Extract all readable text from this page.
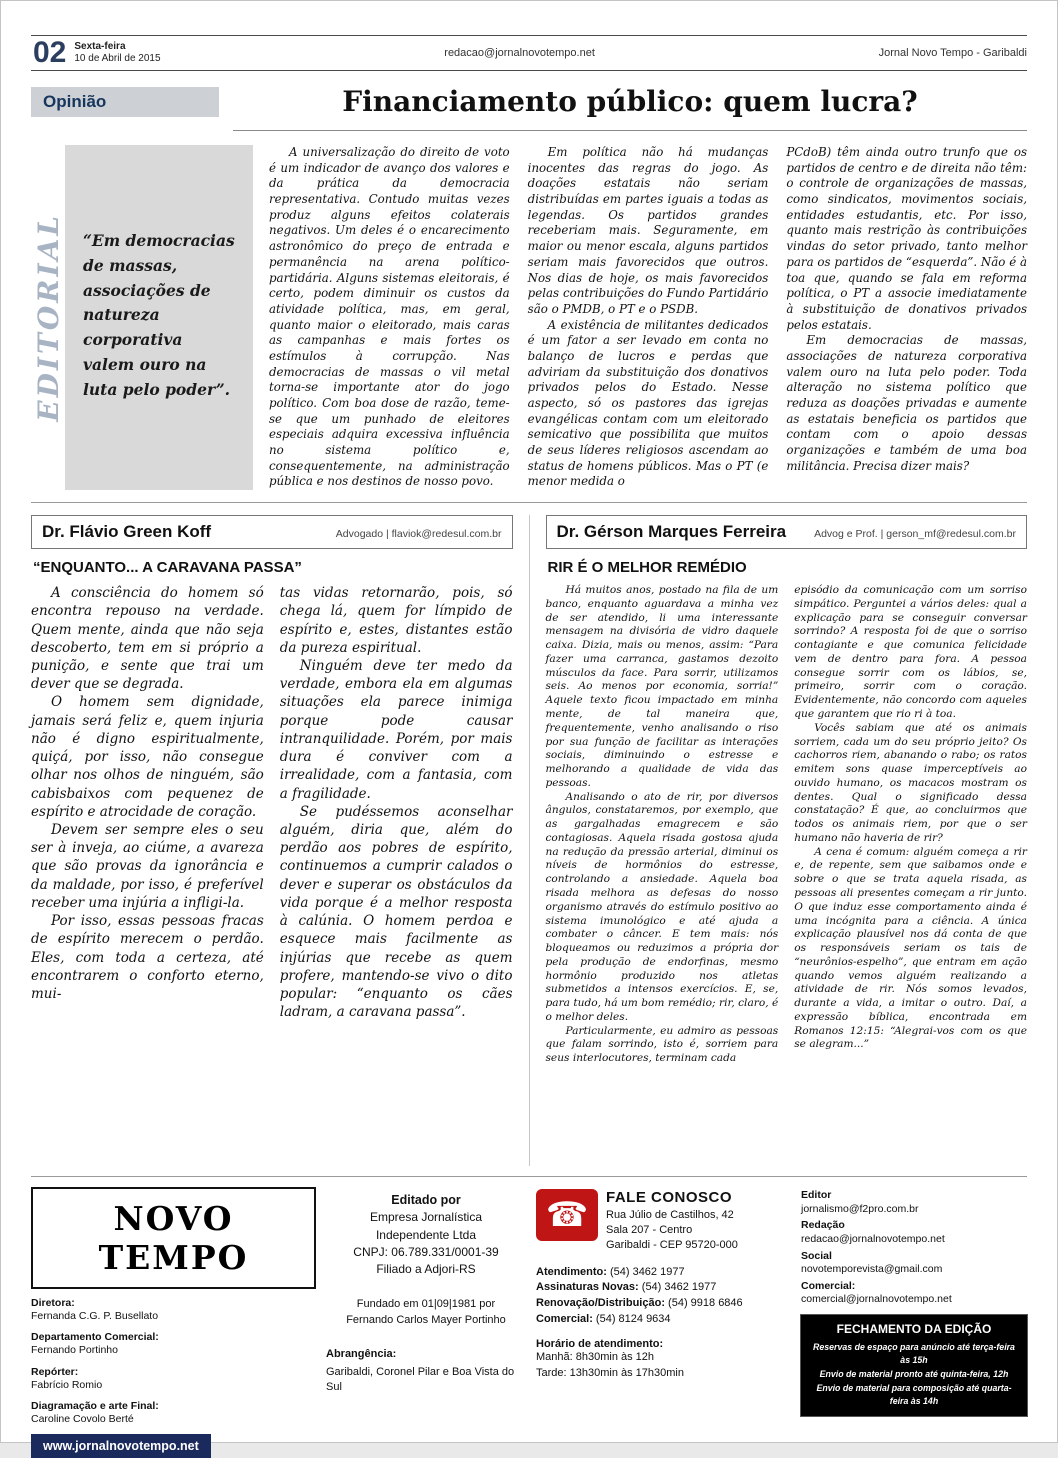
02 Sexta-feira
10 de Abril de 2015	redacao@jornalnovotempo.net	Jornal Novo Tempo - Garibaldi
Opinião	Financiamento público: quem lucra?
EDITORIAL “Em democracias de massas, associações de natureza corporativa valem ouro na luta pelo poder”.

A universalização do direito de voto é um indicador de avanço dos valores e da prática da democracia representativa. Contudo muitas vezes produz alguns efeitos colaterais negativos. Um deles é o encarecimento astronômico do preço de entrada e permanência na arena político-partidária. Alguns sistemas eleitorais, é certo, podem diminuir os custos da atividade política, mas, em geral, quanto maior o eleitorado, mais caras as campanhas e mais fortes os estímulos à corrupção. Nas democracias de massas o vil metal torna-se importante ator do jogo político. Com boa dose de razão, teme-se que um punhado de eleitores especiais adquira excessiva influência no sistema político e, consequentemente, na administração pública e nos destinos de nosso povo.

Em política não há mudanças inocentes das regras do jogo. As doações estatais não seriam distribuídas em partes iguais a todas as legendas. Os partidos grandes receberiam mais. Seguramente, em maior ou menor escala, alguns partidos seriam mais favorecidos que outros. Nos dias de hoje, os mais favorecidos pelas contribuições do Fundo Partidário são o PMDB, o PT e o PSDB.

A existência de militantes dedicados é um fator a ser levado em conta no balanço de lucros e perdas que adviriam da substituição dos donativos privados pelos do Estado. Nesse aspecto, só os pastores das igrejas evangélicas contam com um eleitorado semicativo que possibilita que muitos de seus líderes religiosos ascendam ao status de homens públicos. Mas o PT (e menor medida o

PCdoB) têm ainda outro trunfo que os partidos de centro e de direita não têm: o controle de organizações de massas, como sindicatos, movimentos sociais, entidades estudantis, etc. Por isso, quanto mais restrição às contribuições vindas do setor privado, tanto melhor para os partidos de “esquerda”. Não é à toa que, quando se fala em reforma política, o PT a associe imediatamente à substituição de donativos privados pelos estatais.

Em democracias de massas, associações de natureza corporativa valem ouro na luta pelo poder. Toda alteração no sistema político que reduza as doações privadas e aumente as estatais beneficia os partidos que contam com o apoio dessas organizações e também de uma boa militância. Precisa dizer mais?

Dr. Flávio Green Koff	Advogado | flaviok@redesul.com.br
“ENQUANTO... A CARAVANA PASSA”

A consciência do homem só encontra repouso na verdade. Quem mente, ainda que não seja descoberto, tem em si próprio a punição, e sente que trai um dever que se degrada.

O homem sem dignidade, jamais será feliz e, quem injuria não é digno espiritualmente, quiçá, por isso, não consegue olhar nos olhos de ninguém, são cabisbaixos com pequenez de espírito e atrocidade de coração.

Devem ser sempre eles o seu ser à inveja, ao ciúme, a avareza que são provas da ignorância e da maldade, por isso, é preferível receber uma injúria a infligi-la.

Por isso, essas pessoas fracas de espírito merecem o perdão. Eles, com toda a certeza, até encontrarem o conforto eterno, mui-

tas vidas retornarão, pois, só chega lá, quem for límpido de espírito e, estes, distantes estão da pureza espiritual.

Ninguém deve ter medo da verdade, embora ela em algumas situações ela parece inimiga porque pode causar intranquilidade. Porém, por mais dura é conviver com a irrealidade, com a fantasia, com a fragilidade.

Se pudéssemos aconselhar alguém, diria que, além do perdão aos pobres de espírito, continuemos a cumprir calados o dever e superar os obstáculos da vida porque é a melhor resposta à calúnia. O homem perdoa e esquece mais facilmente as injúrias que recebe as quem profere, mantendo-se vivo o dito popular: “enquanto os cães ladram, a caravana passa”.

Dr. Gérson Marques Ferreira	Advog e Prof. | gerson_mf@redesul.com.br
RIR É O MELHOR REMÉDIO

Há muitos anos, postado na fila de um banco, enquanto aguardava a minha vez de ser atendido, li uma interessante mensagem na divisória de vidro daquele caixa. Dizia, mais ou menos, assim: “Para fazer uma carranca, gastamos dezoito músculos da face. Para sorrir, utilizamos seis. Ao menos por economia, sorria!” Aquele texto ficou impactado em minha mente, de tal maneira que, frequentemente, venho analisando o riso por sua função de facilitar as interações sociais, diminuindo o estresse e melhorando a qualidade de vida das pessoas.

Analisando o ato de rir, por diversos ângulos, constataremos, por exemplo, que as gargalhadas emagrecem e são contagiosas. Aquela risada gostosa ajuda na redução da pressão arterial, diminui os níveis de hormônios do estresse, controlando a ansiedade. Aquela boa risada melhora as defesas do nosso organismo através do estímulo positivo ao sistema imunológico e até ajuda a combater o câncer. E tem mais: nós bloqueamos ou reduzimos a própria dor pela produção de endorfinas, mesmo hormônio produzido nos atletas submetidos a intensos exercícios. E, se, para tudo, há um bom remédio; rir, claro, é o melhor deles.

Particularmente, eu admiro as pessoas que falam sorrindo, isto é, sorriem para seus interlocutores, terminam cada

episódio da comunicação com um sorriso simpático. Perguntei a vários deles: qual a explicação para se conseguir conversar sorrindo? A resposta foi de que o sorriso contagiante e que comunica felicidade vem de dentro para fora. A pessoa consegue sorrir com os lábios, se, primeiro, sorrir com o coração. Evidentemente, não concordo com aqueles que garantem que rio ri à toa.

Vocês sabiam que até os animais sorriem, cada um do seu próprio jeito? Os cachorros riem, abanando o rabo; os ratos emitem sons quase imperceptíveis ao ouvido humano, os macacos mostram os dentes. Qual o significado dessa constatação? É que, ao concluirmos que todos os animais riem, por que o ser humano não haveria de rir?

A cena é comum: alguém começa a rir e, de repente, sem que saibamos onde e sobre o que se trata aquela risada, as pessoas ali presentes começam a rir junto. O que induz esse comportamento ainda é uma incógnita para a ciência. A única explicação plausível nos dá conta de que os responsáveis seriam os tais de “neurônios-espelho”, que entram em ação quando vemos alguém realizando a atividade de rir. Nós somos levados, durante a vida, a imitar o outro. Daí, a expressão bíblica, encontrada em Romanos 12:15: “Alegrai-vos com os que se alegram...”

NOVO TEMPO
Diretora:
Fernanda C.G. P. Busellato
Departamento Comercial:
Fernando Portinho
Repórter:
Fabrício Romio
Diagramação e arte Final:
Caroline Covolo Berté
www.jornalnovotempo.net
Editado por
Empresa Jornalística
Independente Ltda
CNPJ: 06.789.331/0001-39
Filiado a Adjori-RS
Fundado em 01|09|1981 por
Fernando Carlos Mayer Portinho
Abrangência:
Garibaldi, Coronel Pilar e Boa Vista do Sul
☎	FALE CONOSCO
Rua Júlio de Castilhos, 42
Sala 207 - Centro
Garibaldi - CEP 95720-000
Atendimento: (54) 3462 1977
Assinaturas Novas: (54) 3462 1977
Renovação/Distribuição: (54) 9918 6846
Comercial: (54) 8124 9634
Horário de atendimento:
Manhã: 8h30min às 12h
Tarde: 13h30min às 17h30min
Editor
jornalismo@f2pro.com.br
Redação
redacao@jornalnovotempo.net
Social
novotemporevista@gmail.com
Comercial:
comercial@jornalnovotempo.net
FECHAMENTO DA EDIÇÃO
Reservas de espaço para anúncio até terça-feira às 15h
Envio de material pronto até quinta-feira, 12h
Envio de material para composição até quarta-feira às 14h
